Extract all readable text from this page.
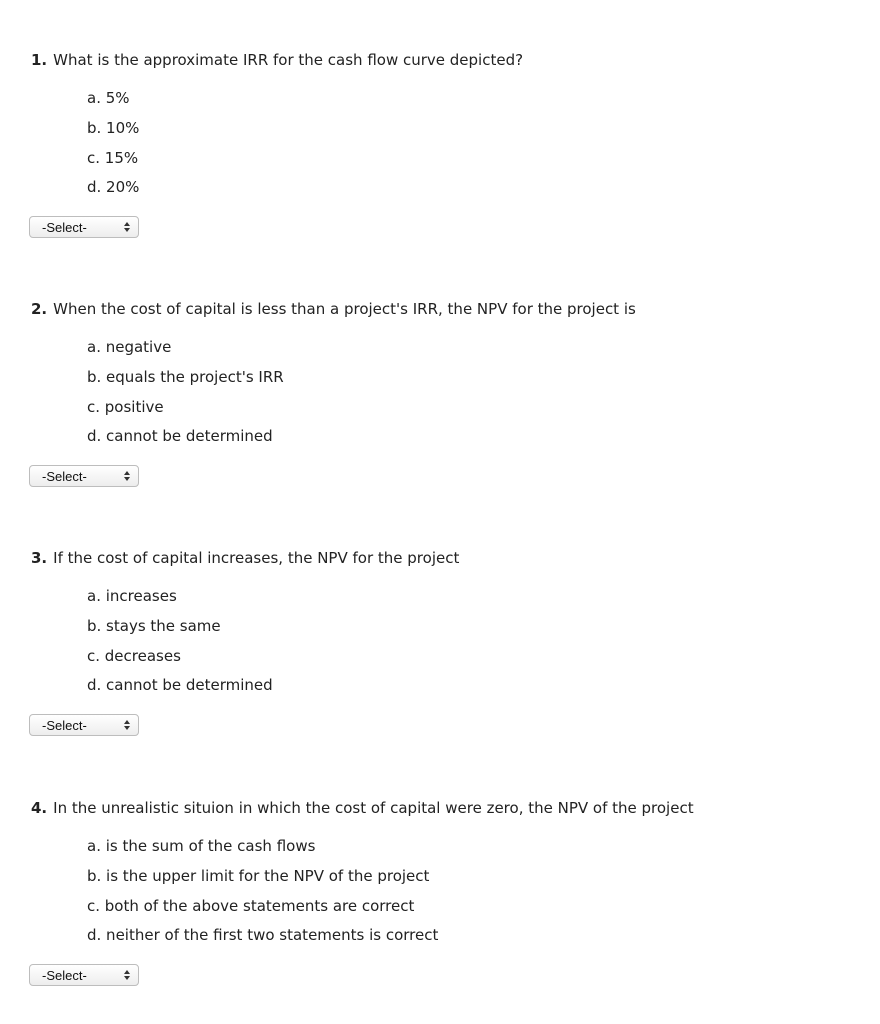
1. What is the approximate IRR for the cash flow curve depicted?

a. 5%
b. 10%
c. 15%
d. 20%
-Select-

2. When the cost of capital is less than a project's IRR, the NPV for the project is

a. negative
b. equals the project's IRR
c. positive
d. cannot be determined
-Select-

3. If the cost of capital increases, the NPV for the project

a. increases
b. stays the same
c. decreases
d. cannot be determined
-Select-

4. In the unrealistic situion in which the cost of capital were zero, the NPV of the project

a. is the sum of the cash flows
b. is the upper limit for the NPV of the project
c. both of the above statements are correct
d. neither of the first two statements is correct
-Select-
